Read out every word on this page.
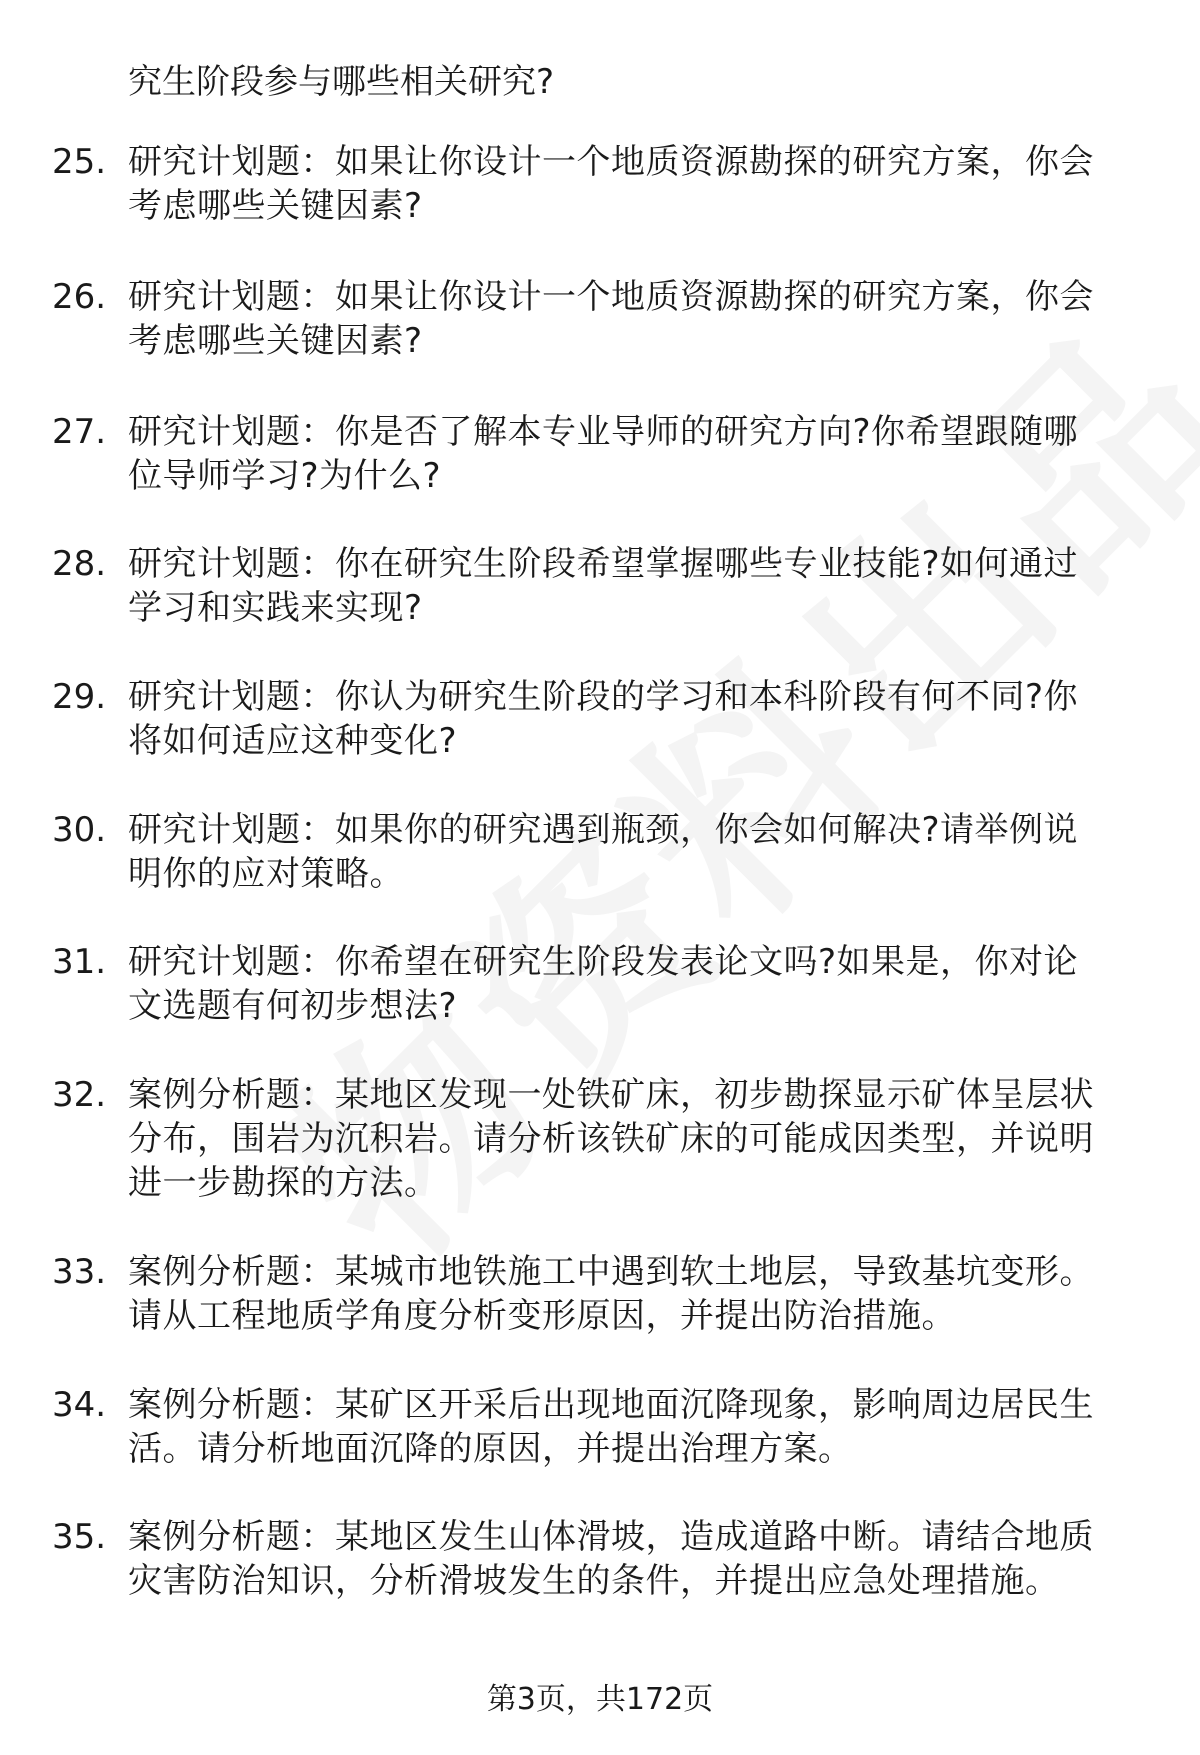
究生阶段参与哪些相关研究?
25. 研究计划题：如果让你设计一个地质资源勘探的研究方案，你会
考虑哪些关键因素?
26. 研究计划题：如果让你设计一个地质资源勘探的研究方案，你会
考虑哪些关键因素?
27. 研究计划题：你是否了解本专业导师的研究方向?你希望跟随哪
位导师学习?为什么?
28. 研究计划题：你在研究生阶段希望掌握哪些专业技能?如何通过
学习和实践来实现?
29. 研究计划题：你认为研究生阶段的学习和本科阶段有何不同?你
将如何适应这种变化?
30. 研究计划题：如果你的研究遇到瓶颈，你会如何解决?请举例说
明你的应对策略。
31. 研究计划题：你希望在研究生阶段发表论文吗?如果是，你对论
文选题有何初步想法?
32. 案例分析题：某地区发现一处铁矿床，初步勘探显示矿体呈层状
分布，围岩为沉积岩。请分析该铁矿床的可能成因类型，并说明
进一步勘探的方法。
33. 案例分析题：某城市地铁施工中遇到软土地层，导致基坑变形。
请从工程地质学角度分析变形原因，并提出防治措施。
34. 案例分析题：某矿区开采后出现地面沉降现象，影响周边居民生
活。请分析地面沉降的原因，并提出治理方案。
35. 案例分析题：某地区发生山体滑坡，造成道路中断。请结合地质
灾害防治知识，分析滑坡发生的条件，并提出应急处理措施。
第3页，共172页
